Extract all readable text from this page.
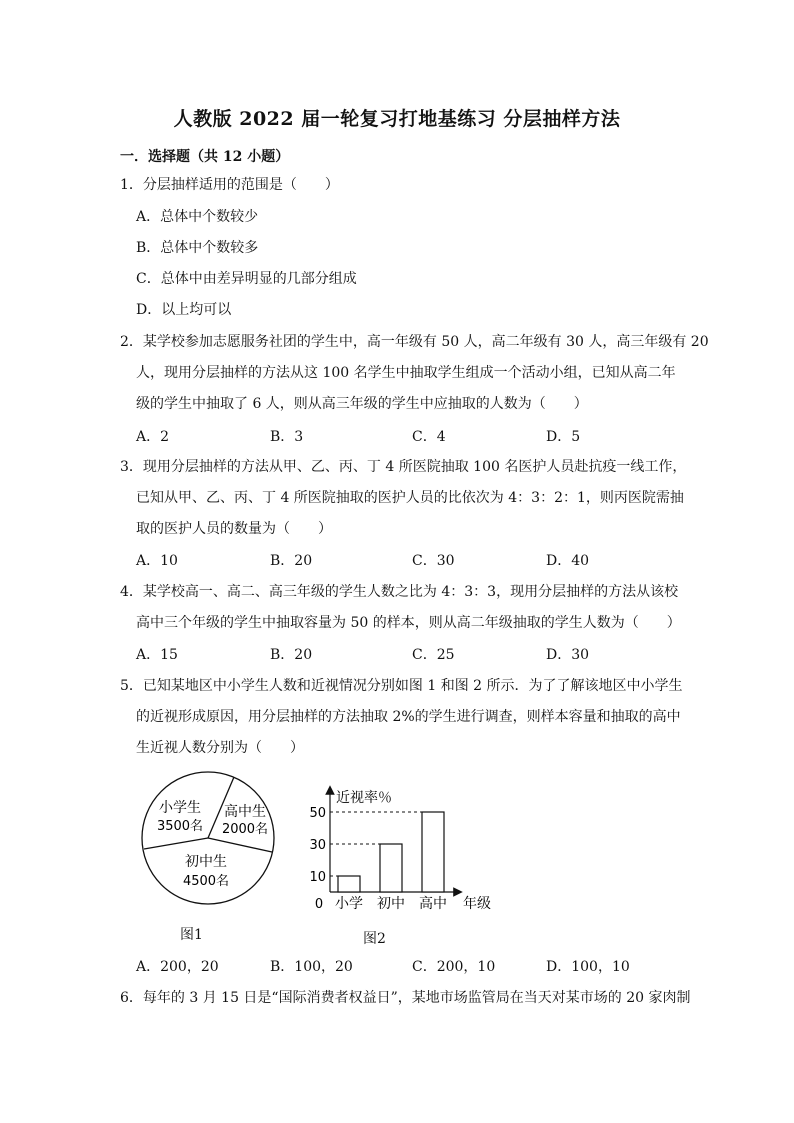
人教版 2022 届一轮复习打地基练习 分层抽样方法
一．选择题（共 12 小题）
1．分层抽样适用的范围是（　　）
A．总体中个数较少
B．总体中个数较多
C．总体中由差异明显的几部分组成
D．以上均可以
2．某学校参加志愿服务社团的学生中，高一年级有 50 人，高二年级有 30 人，高三年级有 20
人，现用分层抽样的方法从这 100 名学生中抽取学生组成一个活动小组，已知从高二年
级的学生中抽取了 6 人，则从高三年级的学生中应抽取的人数为（　　）
A．2	B．3	C．4	D．5
3．现用分层抽样的方法从甲、乙、丙、丁 4 所医院抽取 100 名医护人员赴抗疫一线工作，
已知从甲、乙、丙、丁 4 所医院抽取的医护人员的比依次为 4：3：2：1，则丙医院需抽
取的医护人员的数量为（　　）
A．10	B．20	C．30	D．40
4．某学校高一、高二、高三年级的学生人数之比为 4：3：3，现用分层抽样的方法从该校
高中三个年级的学生中抽取容量为 50 的样本，则从高二年级抽取的学生人数为（　　）
A．15	B．20	C．25	D．30
5．已知某地区中小学生人数和近视情况分别如图 1 和图 2 所示．为了了解该地区中小学生
的近视形成原因，用分层抽样的方法抽取 2%的学生进行调查，则样本容量和抽取的高中
生近视人数分别为（　　）
小学生
3500名
高中生
2000名
初中生
4500名
图1
近视率％
年级
0
10
30
50
小学 初中 高中
图2
A．200，20	B．100，20	C．200，10	D．100，10
6．每年的 3 月 15 日是“国际消费者权益日”，某地市场监管局在当天对某市场的 20 家肉制
